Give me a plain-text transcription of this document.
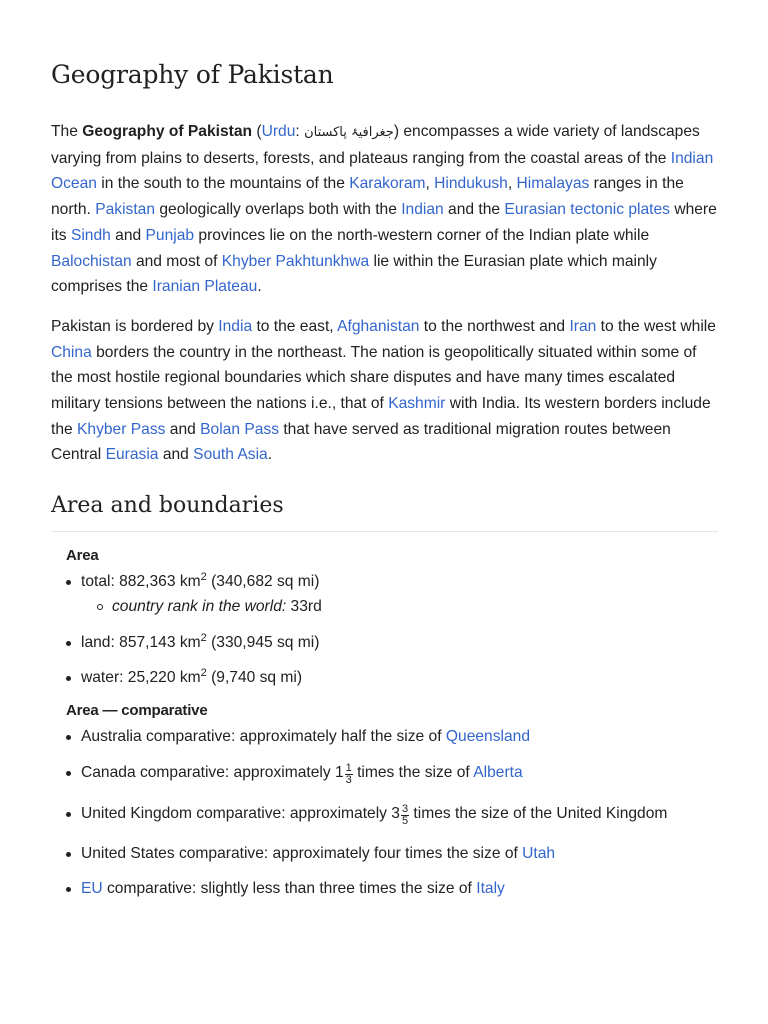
Geography of Pakistan

The Geography of Pakistan (Urdu: جغرافیۂ پاکستان) encompasses a wide variety of landscapes varying from plains to deserts, forests, and plateaus ranging from the coastal areas of the Indian Ocean in the south to the mountains of the Karakoram, Hindukush, Himalayas ranges in the north. Pakistan geologically overlaps both with the Indian and the Eurasian tectonic plates where its Sindh and Punjab provinces lie on the north-western corner of the Indian plate while Balochistan and most of Khyber Pakhtunkhwa lie within the Eurasian plate which mainly comprises the Iranian Plateau.

Pakistan is bordered by India to the east, Afghanistan to the northwest and Iran to the west while China borders the country in the northeast. The nation is geopolitically situated within some of the most hostile regional boundaries which share disputes and have many times escalated military tensions between the nations i.e., that of Kashmir with India. Its western borders include the Khyber Pass and Bolan Pass that have served as traditional migration routes between Central Eurasia and South Asia.

Area and boundaries
Area
total: 882,363 $km^2$ (340,682 sq mi)
country rank in the world: 33rd
land: 857,143 $km^2$ (330,945 sq mi)
water: 25,220 $km^2$ (9,740 sq mi)
Area — comparative
Australia comparative: approximately half the size of Queensland
Canada comparative: approximately $1 \frac{1}{3}$ times the size of Alberta
United Kingdom comparative: approximately $3 \frac{3}{5}$ times the size of the United Kingdom
United States comparative: approximately four times the size of Utah
EU comparative: slightly less than three times the size of Italy
